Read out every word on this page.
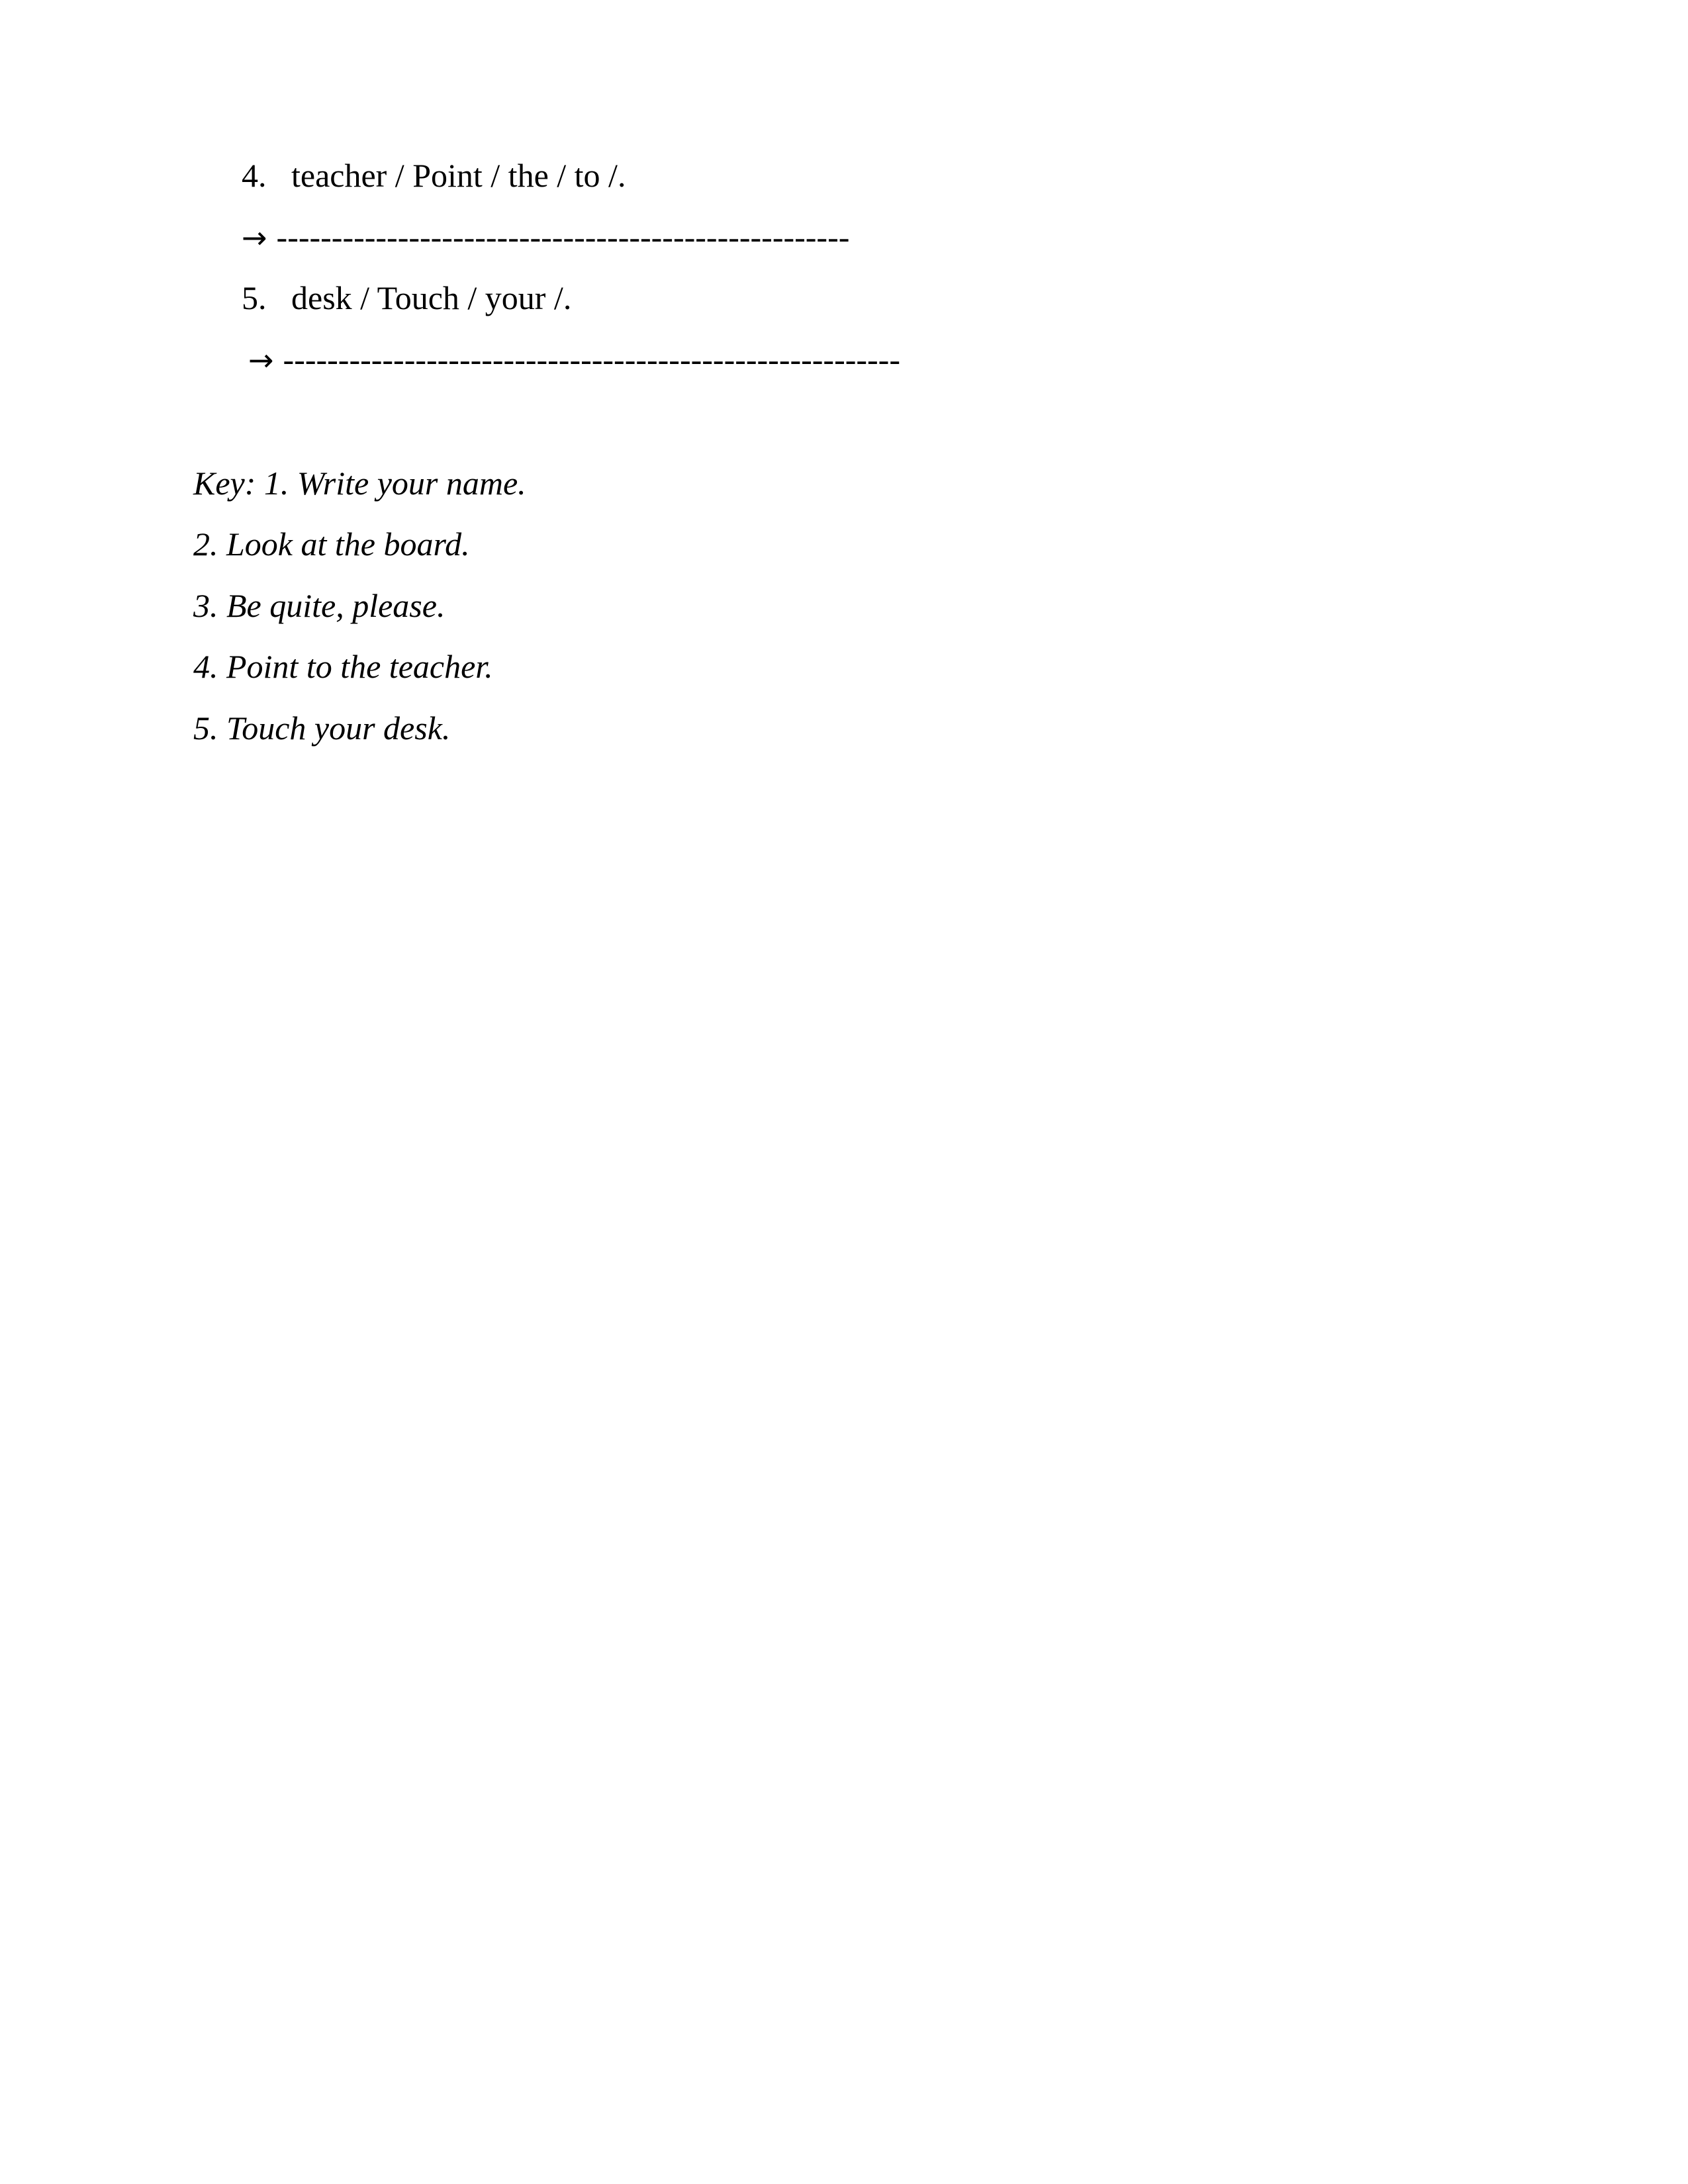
4. teacher / Point / the / to /.
→ ----------------------------------------------------
5. desk / Touch / your /.
→ --------------------------------------------------------
Key: 1. Write your name.
2. Look at the board.
3. Be quite, please.
4. Point to the teacher.
5. Touch your desk.
